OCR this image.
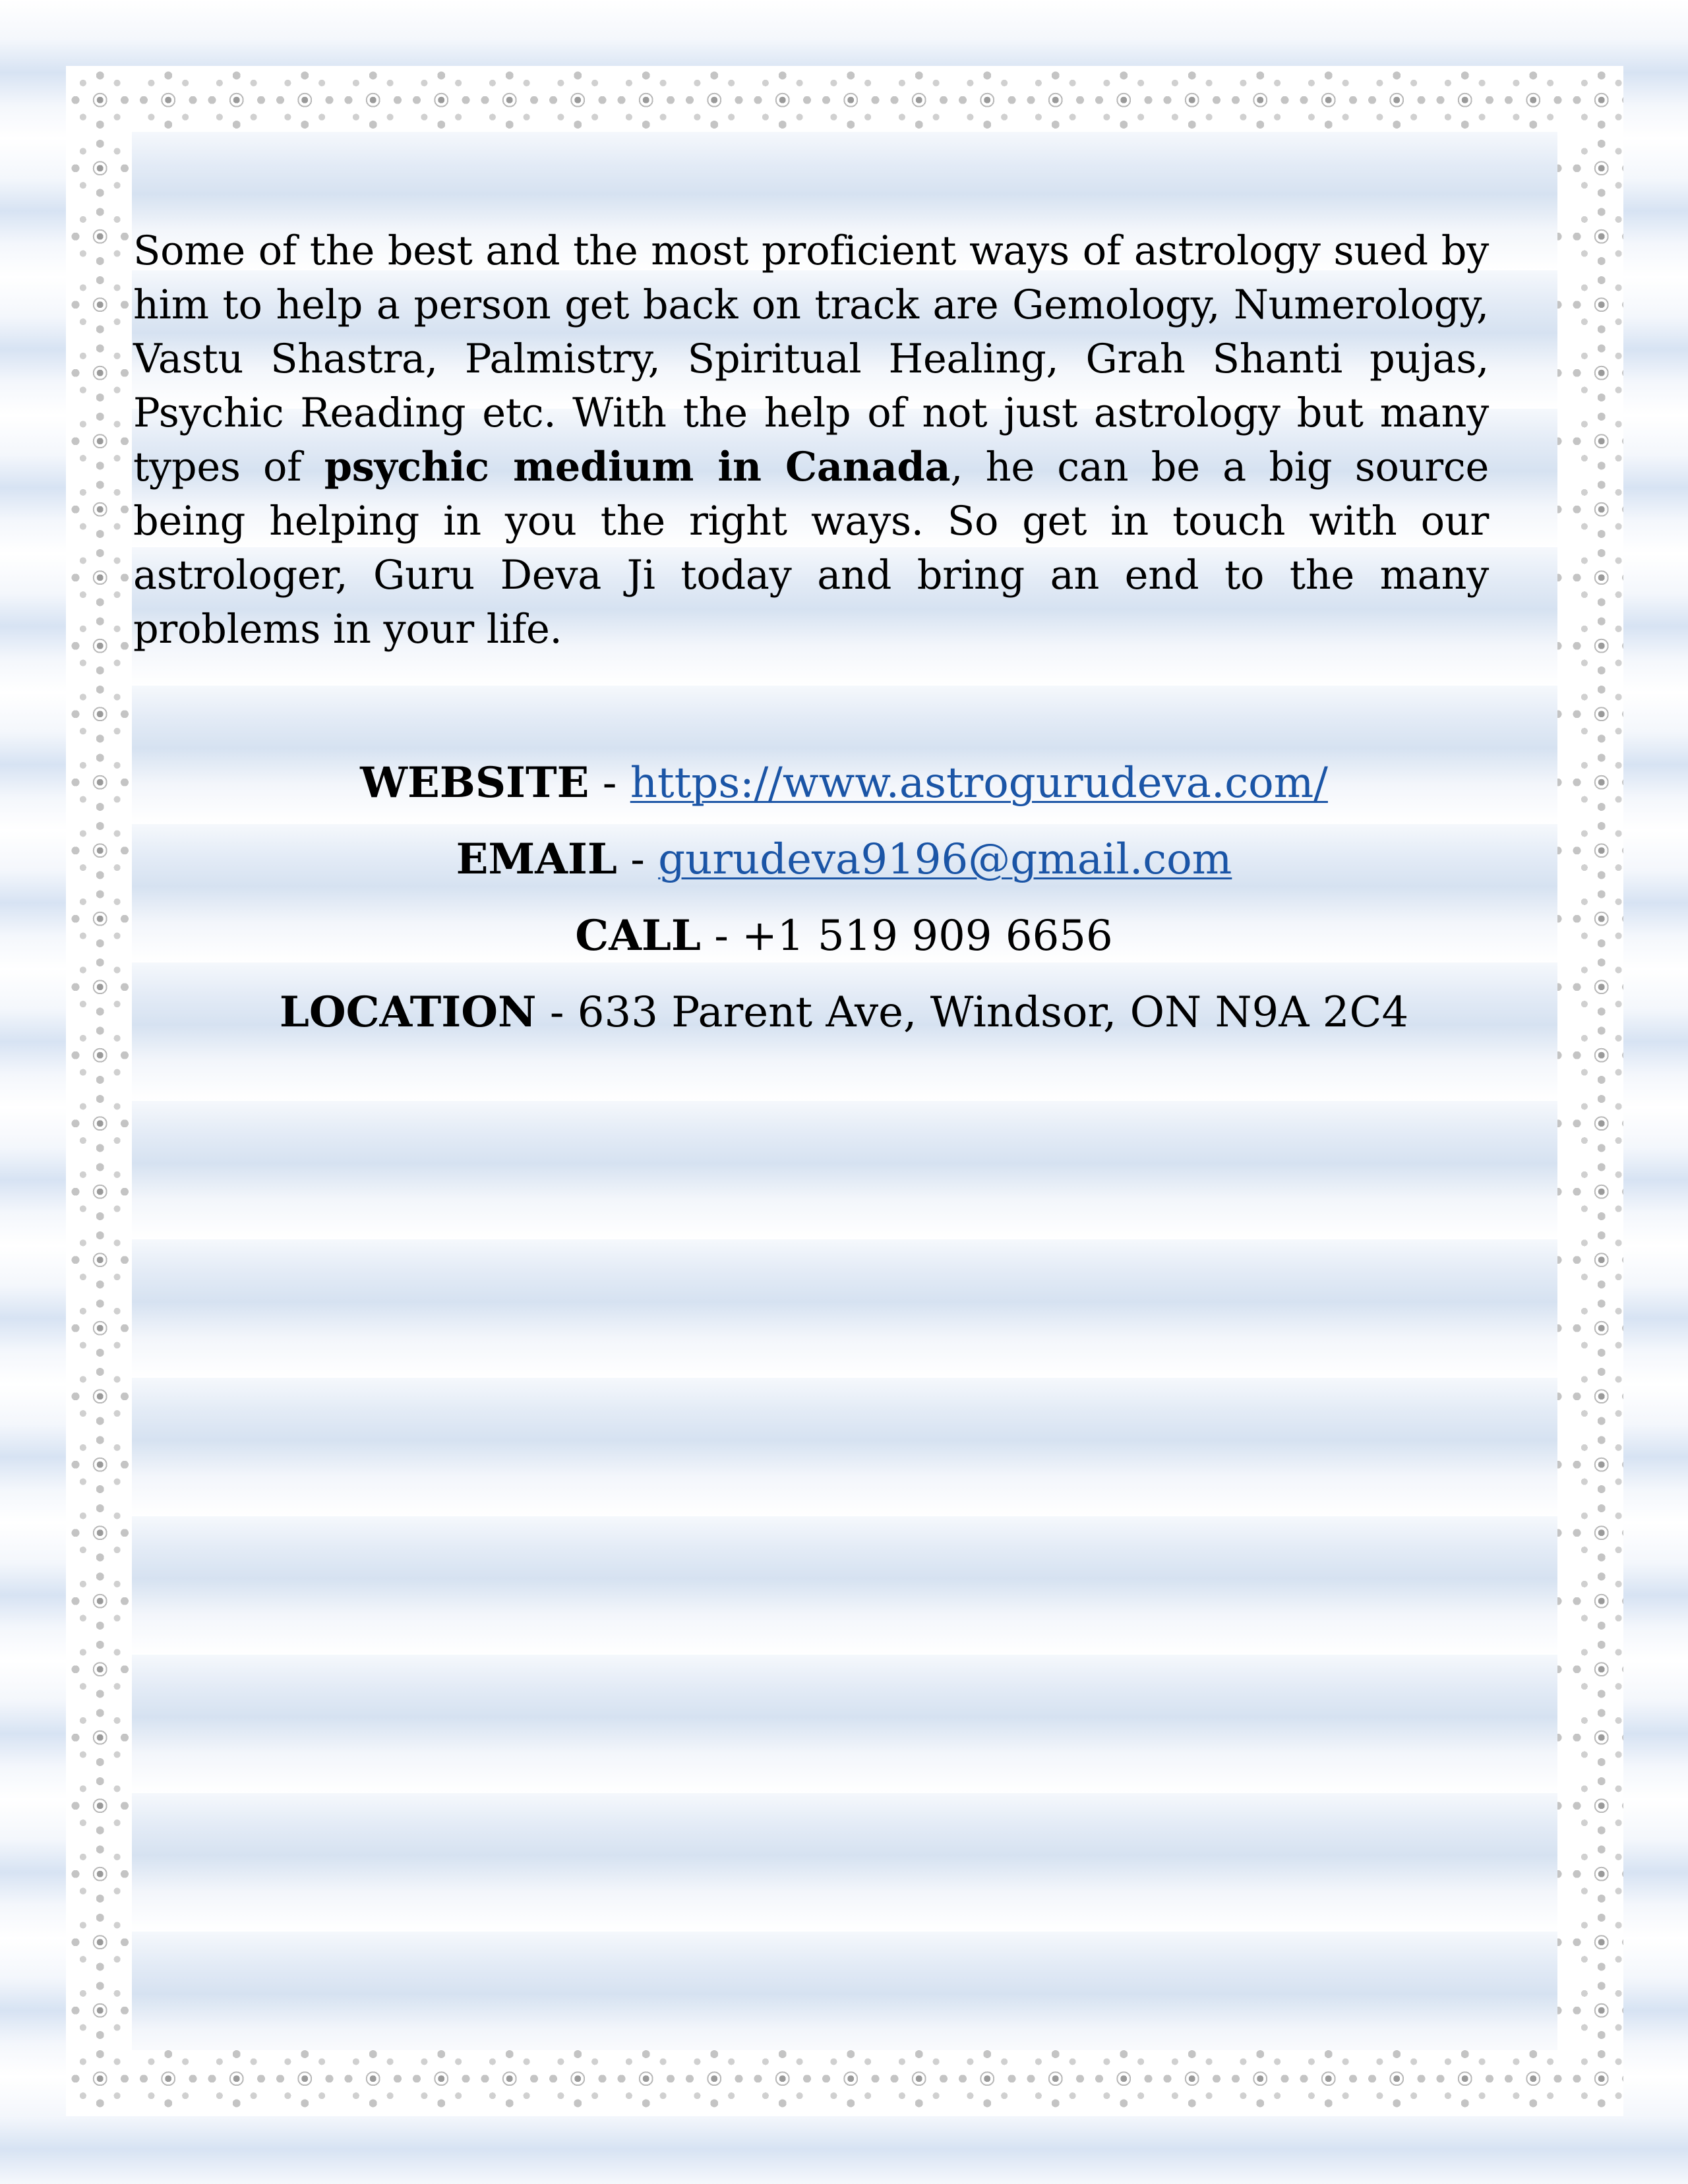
Some of the best and the most proficient ways of astrology sued by him to help a person get back on track are Gemology, Numerology, Vastu Shastra, Palmistry, Spiritual Healing, Grah Shanti pujas, Psychic Reading etc. With the help of not just astrology but many types of psychic medium in Canada, he can be a big source being helping in you the right ways. So get in touch with our astrologer, Guru Deva Ji today and bring an end to the many problems in your life.

WEBSITE - https://www.astrogurudeva.com/

EMAIL - gurudeva9196@gmail.com

CALL - +1 519 909 6656

LOCATION - 633 Parent Ave, Windsor, ON N9A 2C4
